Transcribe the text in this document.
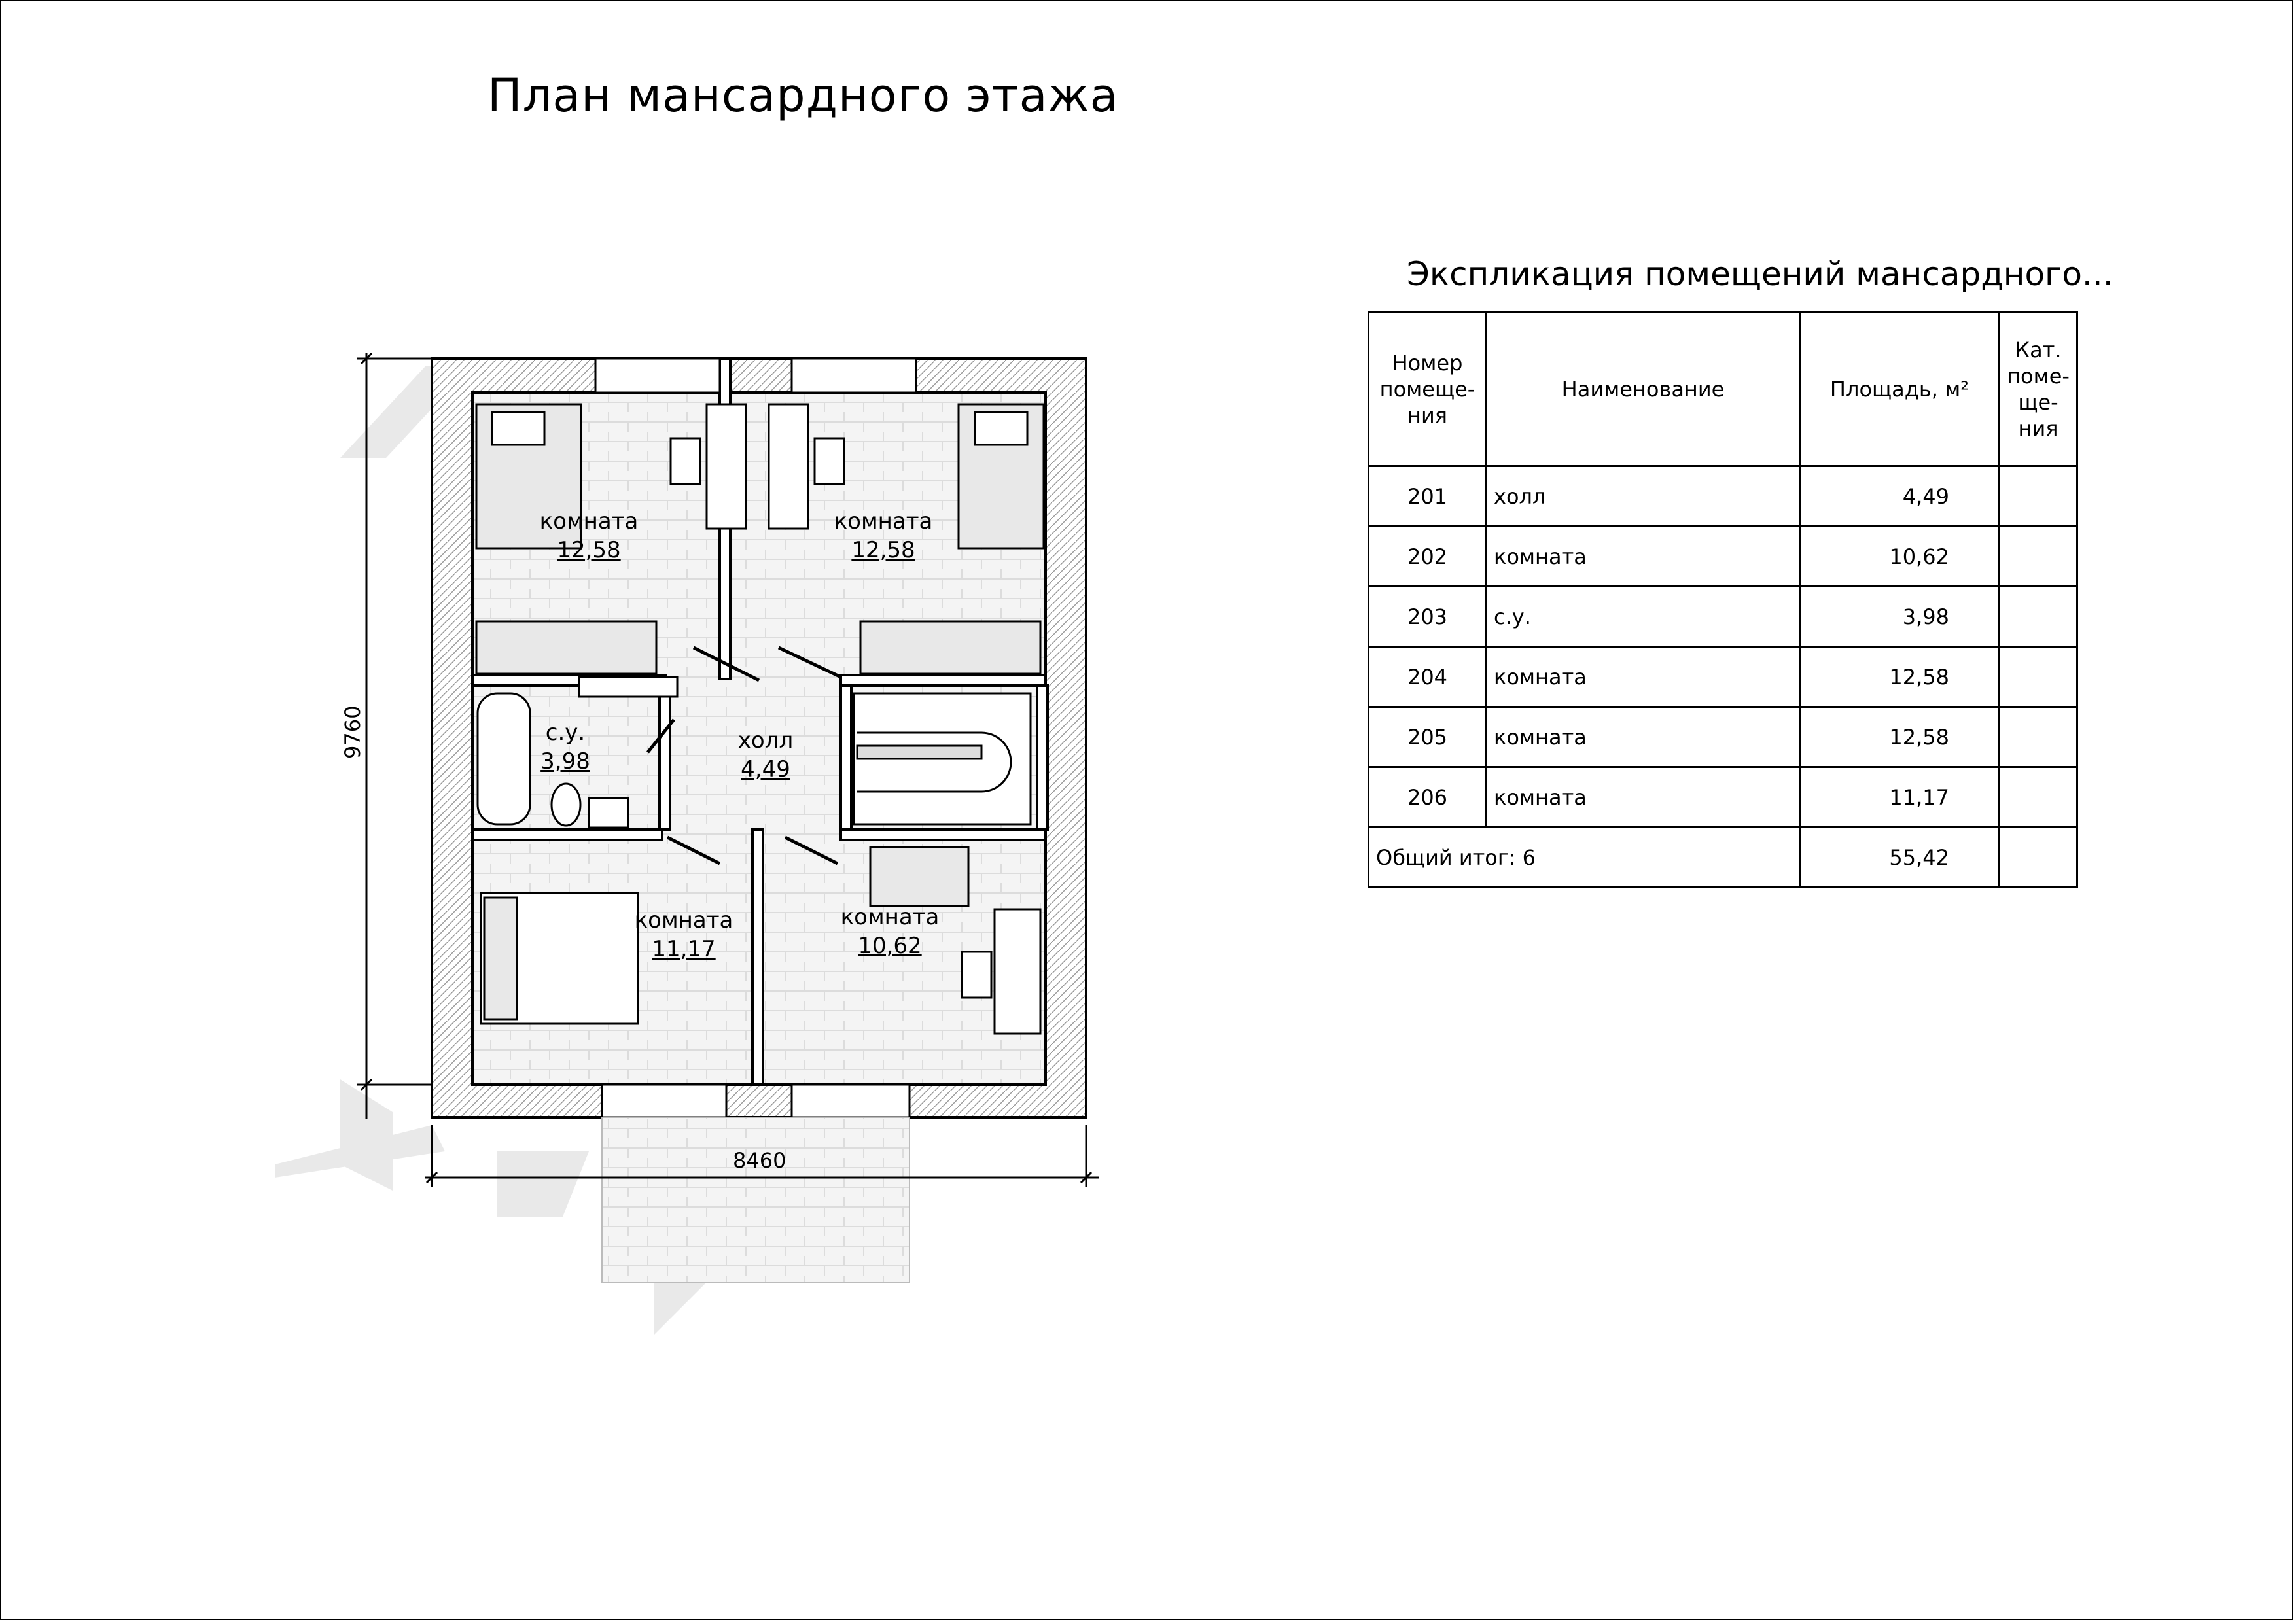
План мансардного этажа
комната
12,58
комната
12,58
с.у.
3,98
холл
4,49
комната
11,17
комната
10,62
8460
9760
Экспликация помещений мансардного...
Номер помеще- ния	Наименование	Площадь, м²	Кат. поме- ще- ния
201	холл	4,49	
202	комната	10,62	
203	с.у.	3,98	
204	комната	12,58	
205	комната	12,58	
206	комната	11,17	
Общий итог: 6		55,42	
